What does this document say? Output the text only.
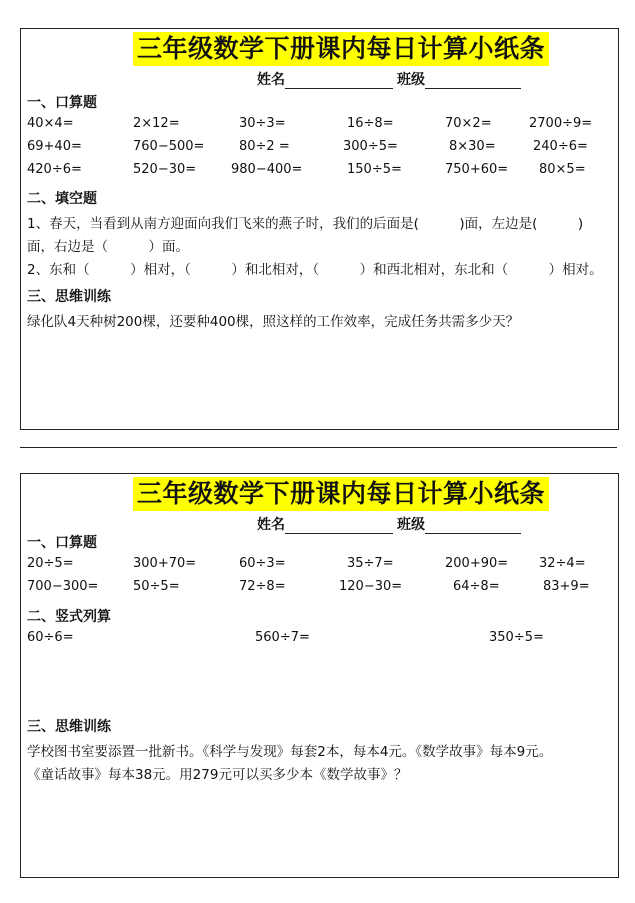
三年级数学下册课内每日计算小纸条
姓名	班级
一、口算题
40×4=	2×12=	30÷3=	16÷8=	70×2=	2700÷9=
69+40=	760−500=	80÷2 =	300÷5=	8×30=	240÷6=
420÷6=	520−30=	980−400=	150÷5=	750+60= 80×5=
二、填空题
1、春天，当看到从南方迎面向我们飞来的燕子时，我们的后面是(　　　)面，左边是(　　　)
面，右边是（　　　）面。
2、东和（　　　）相对，（　　　）和北相对，（　　　）和西北相对，东北和（　　　）相对。
三、思维训练
绿化队4天种树200棵，还要种400棵，照这样的工作效率，完成任务共需多少天？
三年级数学下册课内每日计算小纸条
姓名	班级
一、口算题
20÷5=	300+70=	60÷3=	35÷7=	200+90= 32÷4=
700−300=	50÷5=	72÷8=	120−30=	64÷8=	83+9=
二、竖式列算
60÷6=	560÷7=	350÷5=
三、思维训练
学校图书室要添置一批新书。《科学与发现》每套2本，每本4元。《数学故事》每本9元。
《童话故事》每本38元。用279元可以买多少本《数学故事》？
